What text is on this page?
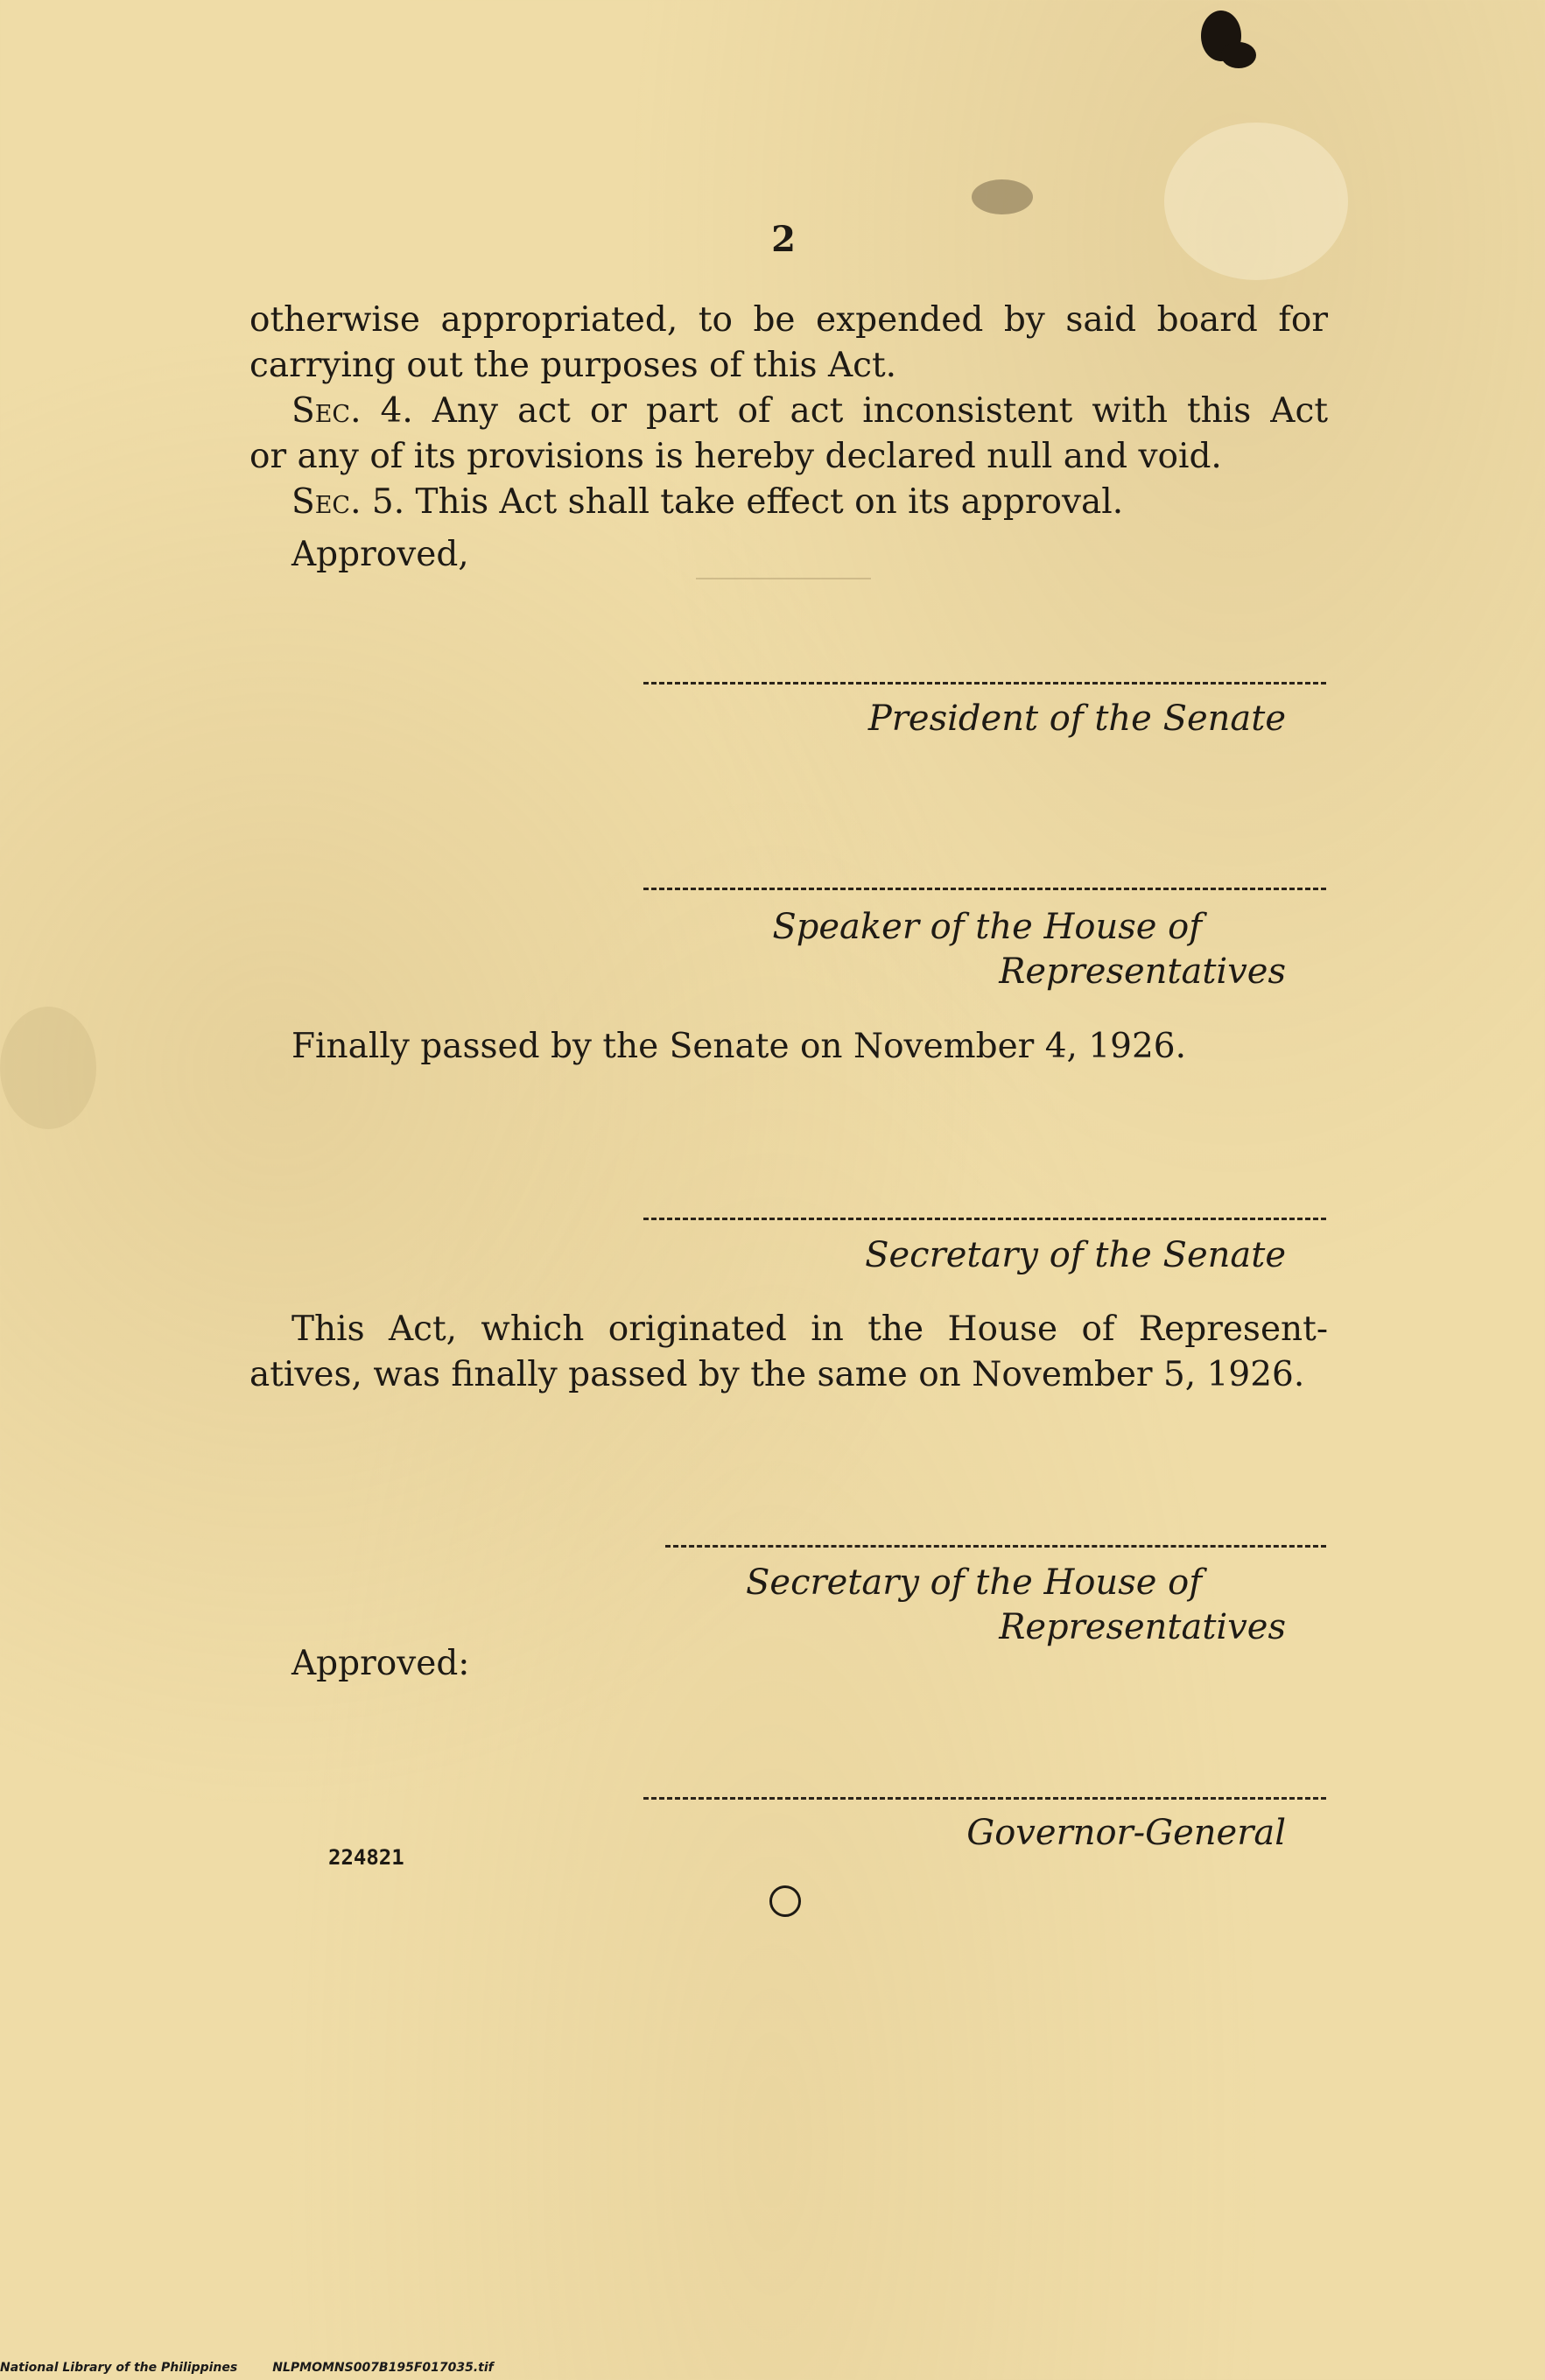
2
otherwise appropriated, to be expended by said board for
carrying out the purposes of this Act.
Sec. 4. Any act or part of act inconsistent with this Act
or any of its provisions is hereby declared null and void.
Sec. 5. This Act shall take effect on its approval.
Approved,
President of the Senate
Speaker of the House of
Representatives
Finally passed by the Senate on November 4, 1926.
Secretary of the Senate
This Act, which originated in the House of Represent-
atives, was finally passed by the same on November 5, 1926.
Secretary of the House of
Representatives
Approved:
Governor-General
224821
National Library of the Philippines	NLPMOMNS007B195F017035.tif
